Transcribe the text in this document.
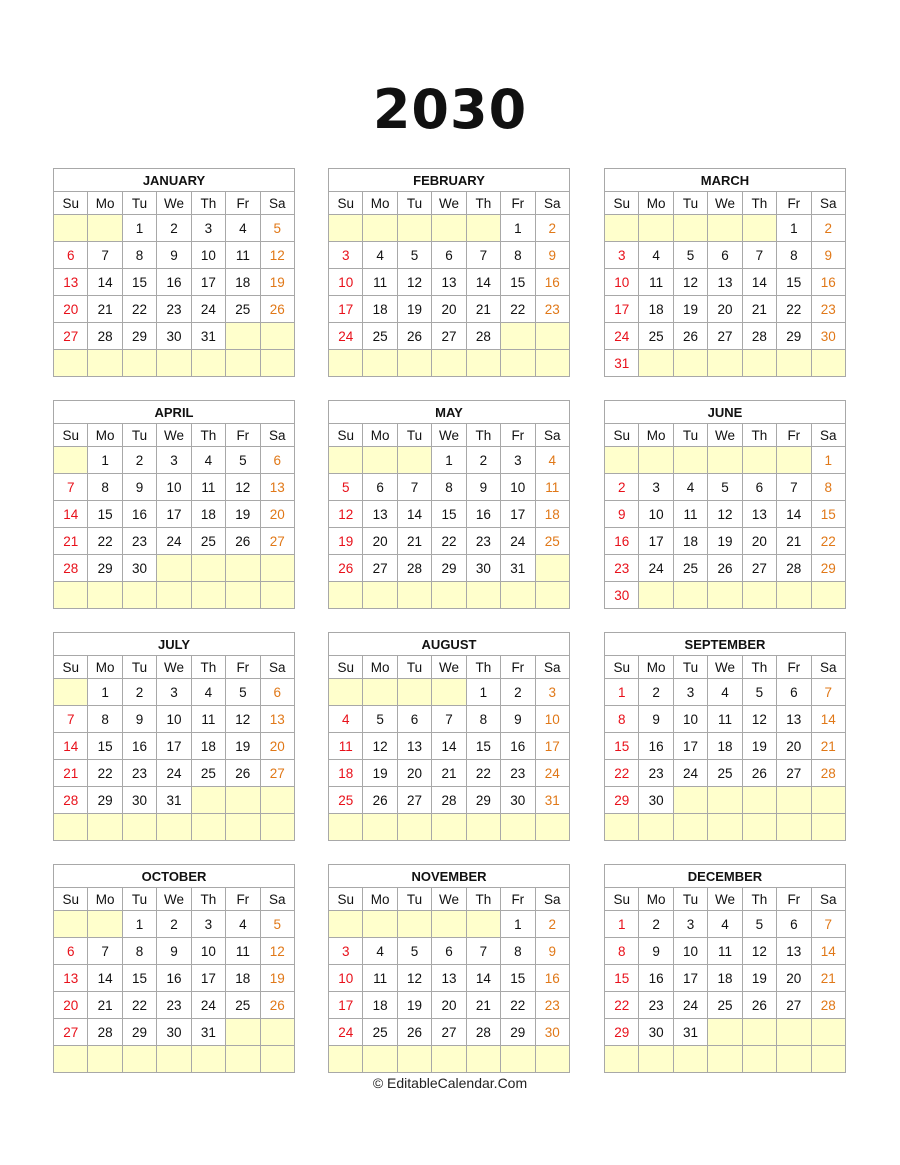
2030
JANUARY						
Su	Mo	Tu	We	Th	Fr	Sa
		1	2	3	4	5
6	7	8	9	10	11	12
13	14	15	16	17	18	19
20	21	22	23	24	25	26
27	28	29	30	31		

FEBRUARY						
Su	Mo	Tu	We	Th	Fr	Sa
					1	2
3	4	5	6	7	8	9
10	11	12	13	14	15	16
17	18	19	20	21	22	23
24	25	26	27	28		

MARCH						
Su	Mo	Tu	We	Th	Fr	Sa
					1	2
3	4	5	6	7	8	9
10	11	12	13	14	15	16
17	18	19	20	21	22	23
24	25	26	27	28	29	30
31						
APRIL						
Su	Mo	Tu	We	Th	Fr	Sa
	1	2	3	4	5	6
7	8	9	10	11	12	13
14	15	16	17	18	19	20
21	22	23	24	25	26	27
28	29	30				

MAY						
Su	Mo	Tu	We	Th	Fr	Sa
			1	2	3	4
5	6	7	8	9	10	11
12	13	14	15	16	17	18
19	20	21	22	23	24	25
26	27	28	29	30	31	

JUNE						
Su	Mo	Tu	We	Th	Fr	Sa
						1
2	3	4	5	6	7	8
9	10	11	12	13	14	15
16	17	18	19	20	21	22
23	24	25	26	27	28	29
30						
JULY						
Su	Mo	Tu	We	Th	Fr	Sa
	1	2	3	4	5	6
7	8	9	10	11	12	13
14	15	16	17	18	19	20
21	22	23	24	25	26	27
28	29	30	31			

AUGUST						
Su	Mo	Tu	We	Th	Fr	Sa
				1	2	3
4	5	6	7	8	9	10
11	12	13	14	15	16	17
18	19	20	21	22	23	24
25	26	27	28	29	30	31

SEPTEMBER						
Su	Mo	Tu	We	Th	Fr	Sa
1	2	3	4	5	6	7
8	9	10	11	12	13	14
15	16	17	18	19	20	21
22	23	24	25	26	27	28
29	30					

OCTOBER						
Su	Mo	Tu	We	Th	Fr	Sa
		1	2	3	4	5
6	7	8	9	10	11	12
13	14	15	16	17	18	19
20	21	22	23	24	25	26
27	28	29	30	31		

NOVEMBER						
Su	Mo	Tu	We	Th	Fr	Sa
					1	2
3	4	5	6	7	8	9
10	11	12	13	14	15	16
17	18	19	20	21	22	23
24	25	26	27	28	29	30

DECEMBER						
Su	Mo	Tu	We	Th	Fr	Sa
1	2	3	4	5	6	7
8	9	10	11	12	13	14
15	16	17	18	19	20	21
22	23	24	25	26	27	28
29	30	31				

© EditableCalendar.Com
